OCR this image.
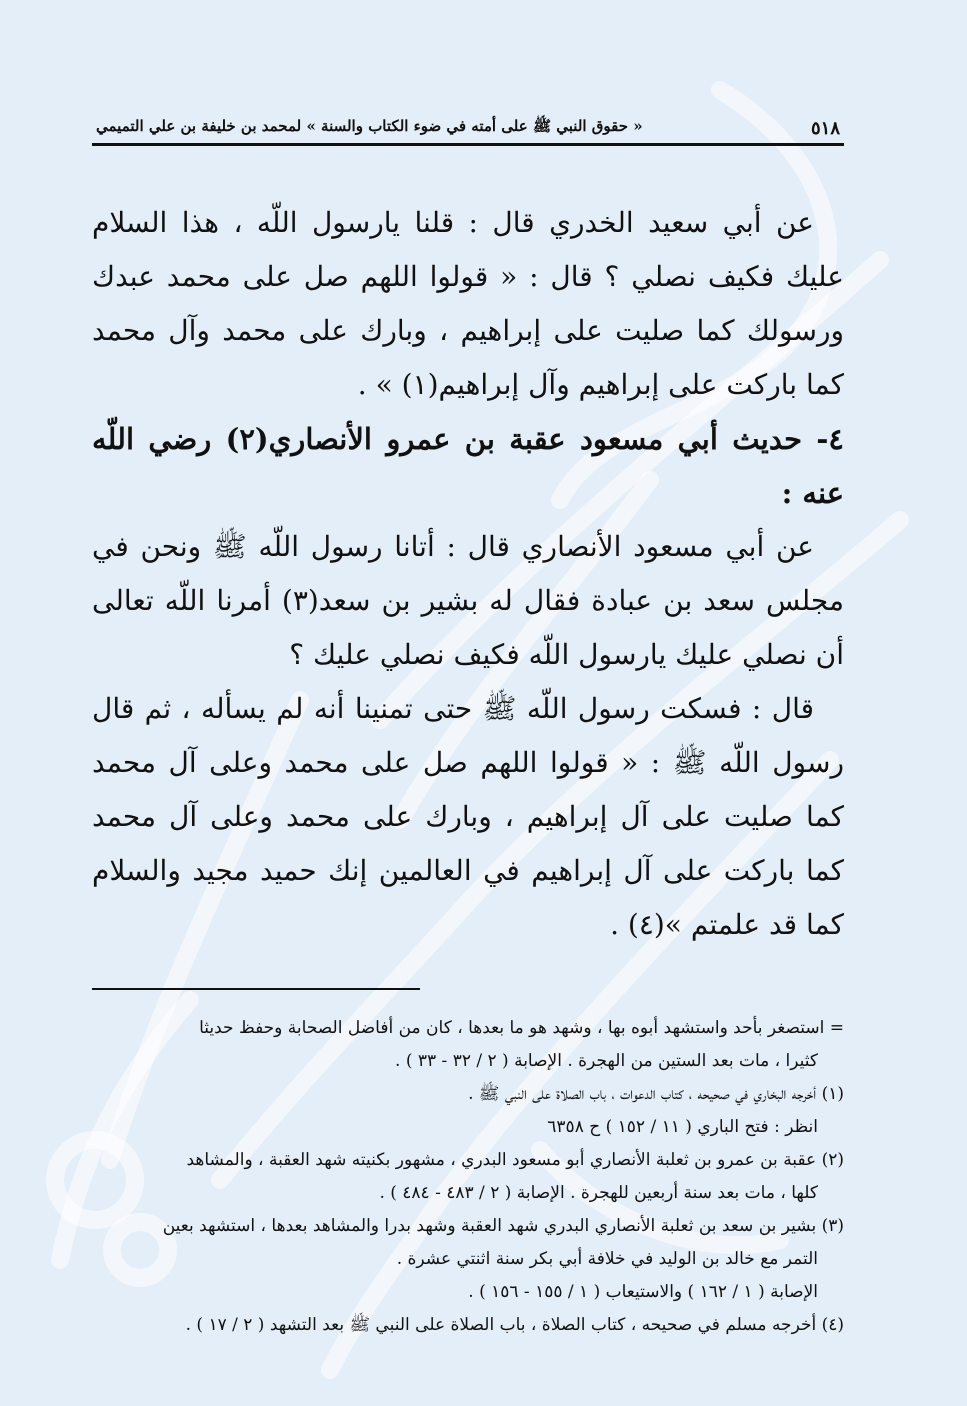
٥١٨
« حقوق النبي ﷺ على أمته في ضوء الكتاب والسنة » لمحمد بن خليفة بن علي التميمي

عن أبي سعيد الخدري قال : قلنا يارسول اللّه ، هذا السلام عليك فكيف نصلي ؟ قال : « قولوا اللهم صل على محمد عبدك ورسولك كما صليت على إبراهيم ، وبارك على محمد وآل محمد كما باركت على إبراهيم وآل إبراهيم(١) » .

٤- حديث أبي مسعود عقبة بن عمرو الأنصاري(٢) رضي اللّه عنه :

عن أبي مسعود الأنصاري قال : أتانا رسول اللّه ﷺ ونحن في مجلس سعد بن عبادة فقال له بشير بن سعد(٣) أمرنا اللّه تعالى أن نصلي عليك يارسول اللّه فكيف نصلي عليك ؟

قال : فسكت رسول اللّه ﷺ حتى تمنينا أنه لم يسأله ، ثم قال رسول اللّه ﷺ : « قولوا اللهم صل على محمد وعلى آل محمد كما صليت على آل إبراهيم ، وبارك على محمد وعلى آل محمد كما باركت على آل إبراهيم في العالمين إنك حميد مجيد والسلام كما قد علمتم »(٤) .

= استصغر بأحد واستشهد أبوه بها ، وشهد هو ما بعدها ، كان من أفاضل الصحابة وحفظ حديثا

كثيرا ، مات بعد الستين من الهجرة . الإصابة ( ٢ / ٣٢ - ٣٣ ) .

(١) أخرجه البخاري في صحيحه ، كتاب الدعوات ، باب الصلاة على النبي ﷺ .

انظر : فتح الباري ( ١١ / ١٥٢ ) ح ٦٣٥٨

(٢) عقبة بن عمرو بن ثعلبة الأنصاري أبو مسعود البدري ، مشهور بكنيته شهد العقبة ، والمشاهد

كلها ، مات بعد سنة أربعين للهجرة . الإصابة ( ٢ / ٤٨٣ - ٤٨٤ ) .

(٣) بشير بن سعد بن ثعلبة الأنصاري البدري شهد العقبة وشهد بدرا والمشاهد بعدها ، استشهد بعين

التمر مع خالد بن الوليد في خلافة أبي بكر سنة اثنتي عشرة .

الإصابة ( ١ / ١٦٢ ) والاستيعاب ( ١ / ١٥٥ - ١٥٦ ) .

(٤) أخرجه مسلم في صحيحه ، كتاب الصلاة ، باب الصلاة على النبي ﷺ بعد التشهد ( ٢ / ١٧ ) .
